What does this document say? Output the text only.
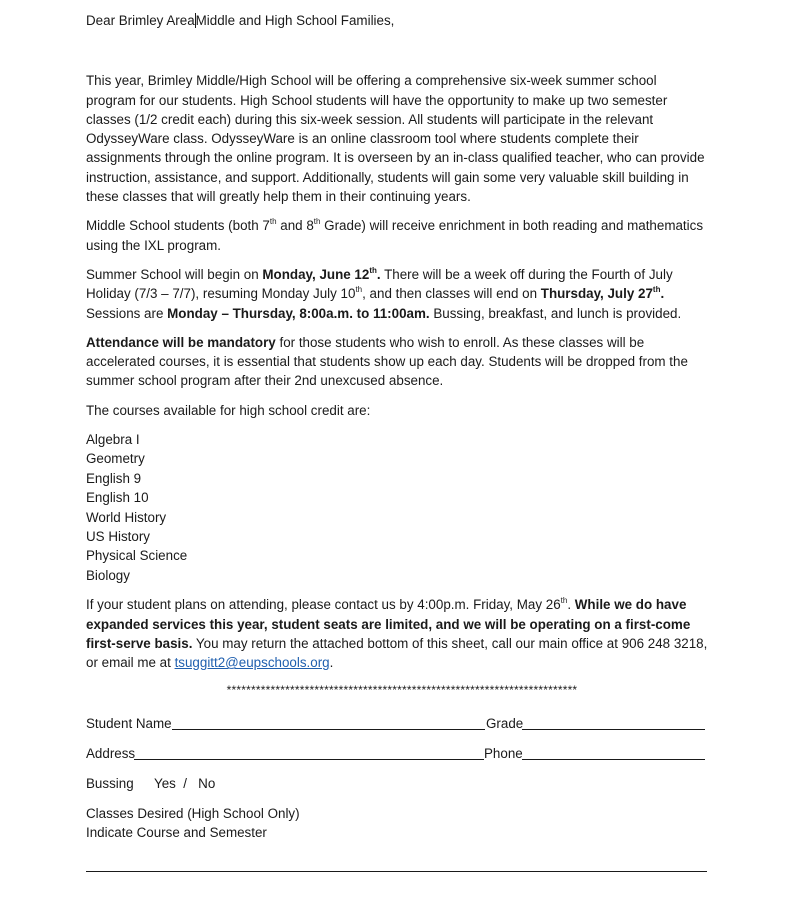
Dear Brimley AreaMiddle and High School Families,

This year, Brimley Middle/High School will be offering a comprehensive six-week summer school program for our students. High School students will have the opportunity to make up two semester classes (1/2 credit each) during this six-week session. All students will participate in the relevant OdysseyWare class. OdysseyWare is an online classroom tool where students complete their assignments through the online program. It is overseen by an in-class qualified teacher, who can provide instruction, assistance, and support. Additionally, students will gain some very valuable skill building in these classes that will greatly help them in their continuing years.

Middle School students (both 7th and 8th Grade) will receive enrichment in both reading and mathematics using the IXL program.

Summer School will begin on Monday, June 12th. There will be a week off during the Fourth of July Holiday (7/3 – 7/7), resuming Monday July 10th, and then classes will end on Thursday, July 27th. Sessions are Monday – Thursday, 8:00a.m. to 11:00am. Bussing, breakfast, and lunch is provided.

Attendance will be mandatory for those students who wish to enroll. As these classes will be accelerated courses, it is essential that students show up each day. Students will be dropped from the summer school program after their 2nd unexcused absence.

The courses available for high school credit are:

Algebra I
Geometry
English 9
English 10
World History
US History
Physical Science
Biology

If your student plans on attending, please contact us by 4:00p.m. Friday, May 26th. While we do have expanded services this year, student seats are limited, and we will be operating on a first-come first-serve basis. You may return the attached bottom of this sheet, call our main office at 906 248 3218, or email me at tsuggitt2@eupschools.org.

************************************************************************
Student Name	Grade
Address	Phone
Bussing Yes  /   No

Classes Desired (High School Only)

Indicate Course and Semester
